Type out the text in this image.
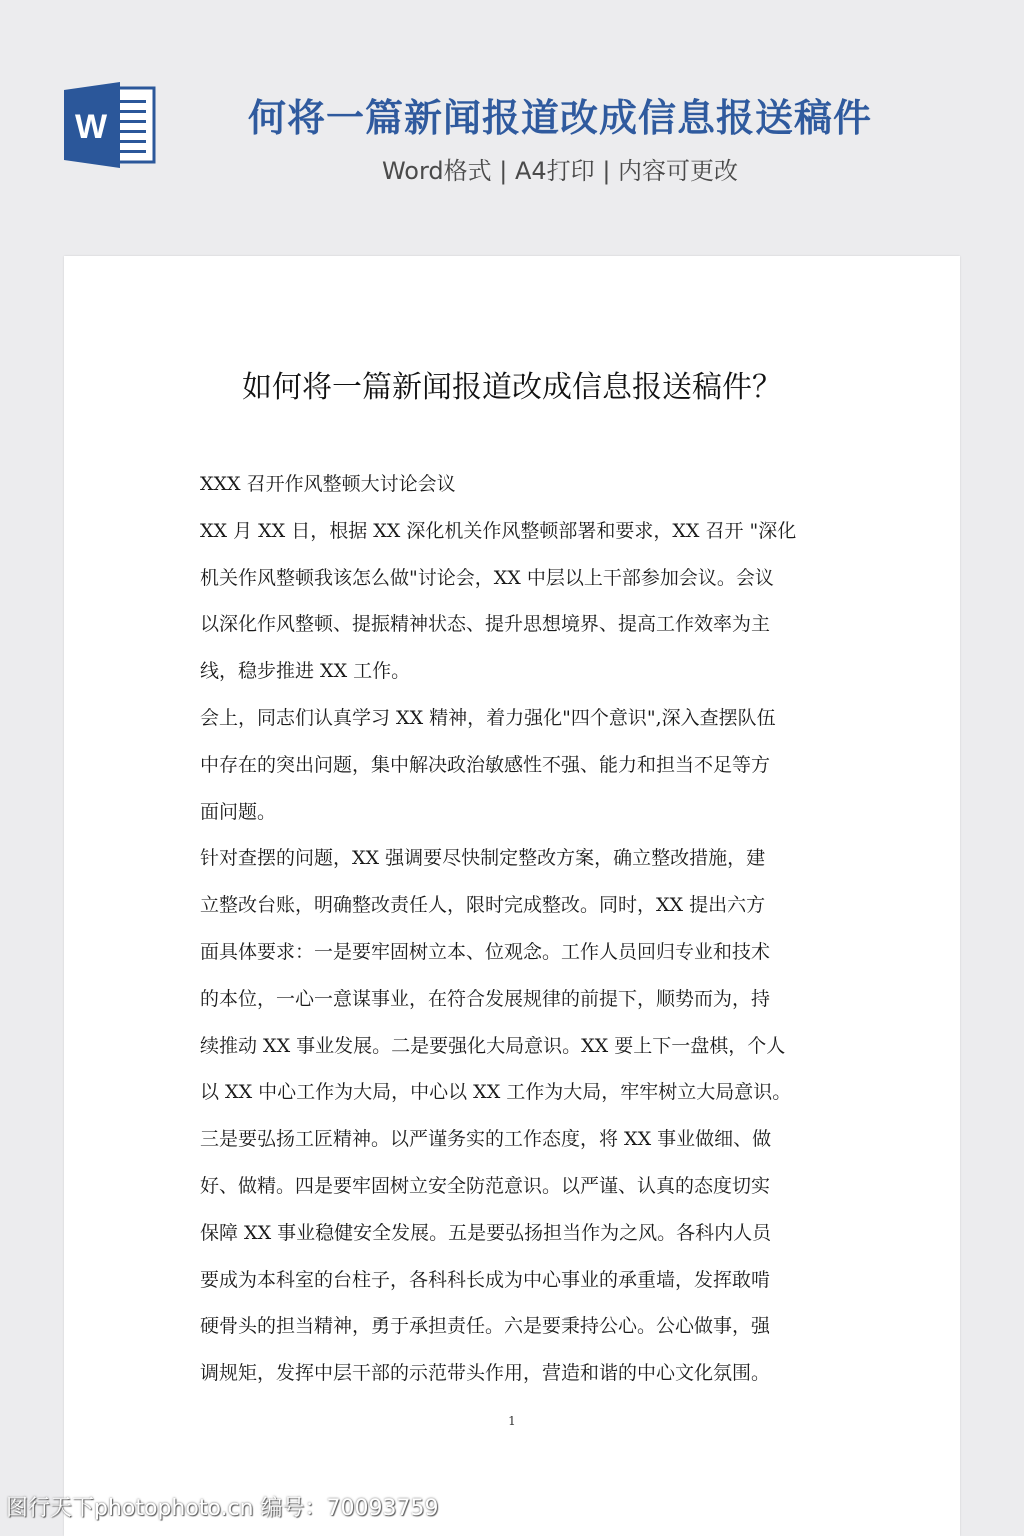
W	何将一篇新闻报道改成信息报送稿件
Word格式 | A4打印 | 内容可更改
如何将一篇新闻报道改成信息报送稿件？
XXX 召开作风整顿大讨论会议
XX 月 XX 日，根据 XX 深化机关作风整顿部署和要求，XX 召开 "深化
机关作风整顿我该怎么做"讨论会，XX 中层以上干部参加会议。会议
以深化作风整顿、提振精神状态、提升思想境界、提高工作效率为主
线，稳步推进 XX 工作。
会上，同志们认真学习 XX 精神，着力强化"四个意识",深入查摆队伍
中存在的突出问题，集中解决政治敏感性不强、能力和担当不足等方
面问题。
针对查摆的问题，XX 强调要尽快制定整改方案，确立整改措施，建
立整改台账，明确整改责任人，限时完成整改。同时，XX 提出六方
面具体要求：一是要牢固树立本、位观念。工作人员回归专业和技术
的本位，一心一意谋事业，在符合发展规律的前提下，顺势而为，持
续推动 XX 事业发展。二是要强化大局意识。XX 要上下一盘棋，个人
以 XX 中心工作为大局，中心以 XX 工作为大局，牢牢树立大局意识。
三是要弘扬工匠精神。以严谨务实的工作态度，将 XX 事业做细、做
好、做精。四是要牢固树立安全防范意识。以严谨、认真的态度切实
保障 XX 事业稳健安全发展。五是要弘扬担当作为之风。各科内人员
要成为本科室的台柱子，各科科长成为中心事业的承重墙，发挥敢啃
硬骨头的担当精神，勇于承担责任。六是要秉持公心。公心做事，强
调规矩，发挥中层干部的示范带头作用，营造和谐的中心文化氛围。
1
图行天下photophoto.cn 编号：70093759
